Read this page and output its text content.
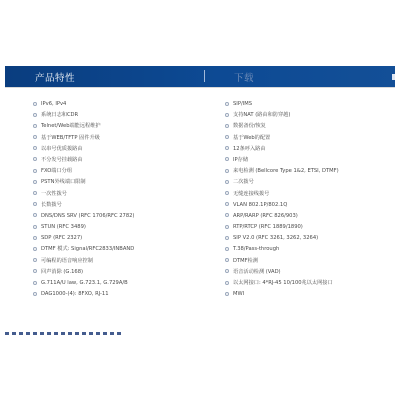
产品特性	下载
IPv6, IPv4
系统日志和CDR
Telnet/Web端能远程维护
基于WEB/TFTP 固件升级
以串号优质拨路由
不分发号挂载路由
FXO端口分组
PSTN外线端口限制
一次性拨号
长数拨号
DNS/DNS SRV (RFC 1706/RFC 2782)
STUN (RFC 3489)
SDP (RFC 2327)
DTMF 模式: Signal/RFC2833/INBAND
可编程的语音响应控制
回声消除 (G.168)
G.711A/U law, G.723.1, G.729A/B
DAG1000-(4): 8FXO, RJ-11
SIP/IMS
支持NAT (路由和防穿越)
数据备份/恢复
基于Web的配置
12条呼入路由
IP存储
来电检测 (Bellcore Type 1&2, ETSI, DTMF)
二次拨号
无缝连接线拨号
VLAN 802.1P/802.1Q
ARP/RARP (RFC 826/903)
RTP/RTCP (RFC 1889/1890)
SIP V2.0 (RFC 3261, 3262, 3264)
T.38/Pass-through
DTMF检测
语音活动检测 (VAD)
以太网接口: 4*RJ-45 10/100兆以太网接口
MWI
